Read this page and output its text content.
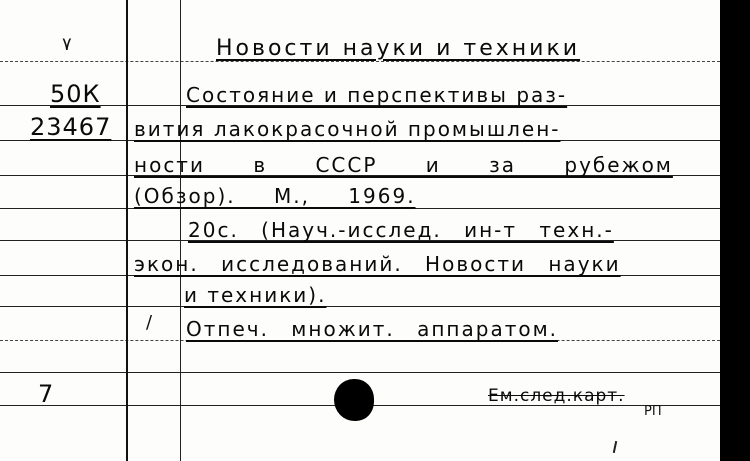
٧	Новости науки и техники
50К
23467
Состояние и перспективы раз-
вития лакокрасочной промышлен-
ности в СССР и за рубежом
(Обзор). М., 1969.
20с. (Науч.-исслед. ин-т техн.-
экон. исследований. Новости науки
и техники).
Отпеч. множит. аппаратом.
/
7	Ем.след.карт.
РП
